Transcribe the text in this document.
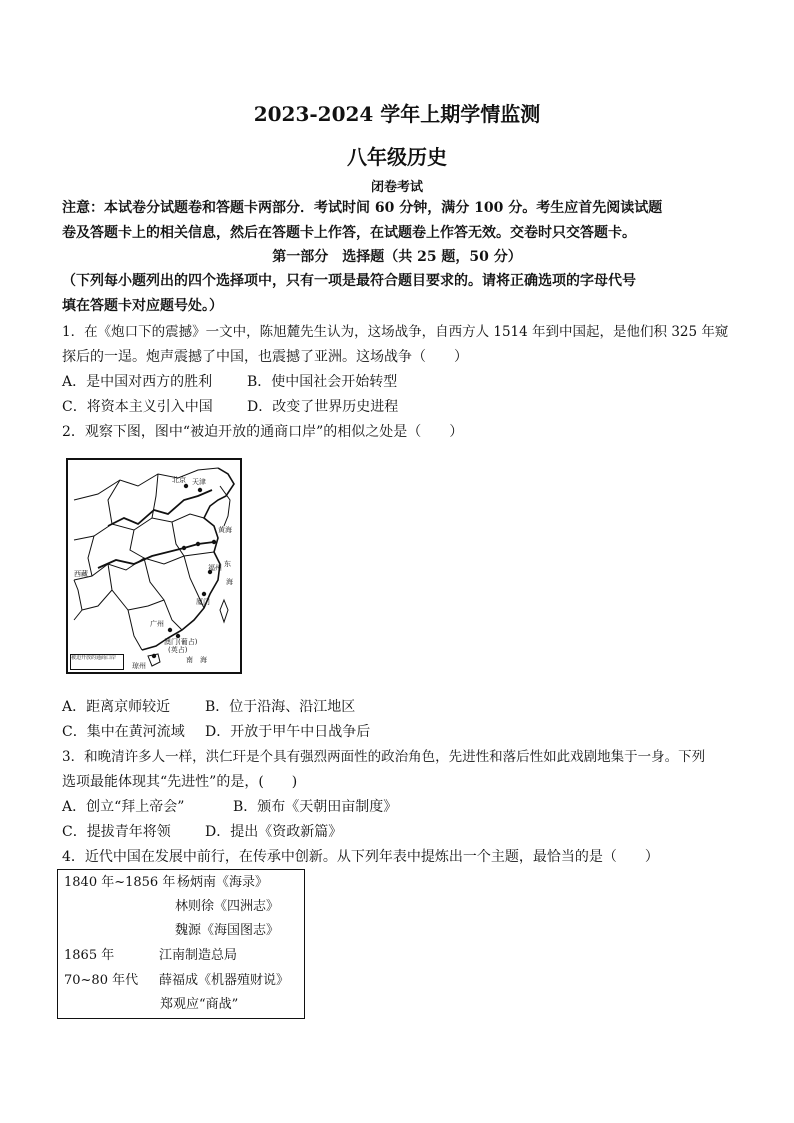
2023-2024 学年上期学情监测
八年级历史
闭卷考试
注意：本试卷分试题卷和答题卡两部分．考试时间 60 分钟，满分 100 分。考生应首先阅读试题
卷及答题卡上的相关信息，然后在答题卡上作答，在试题卷上作答无效。交卷时只交答题卡。
第一部分　选择题（共 25 题，50 分）
（下列每小题列出的四个选择项中，只有一项是最符合题目要求的。请将正确选项的字母代号
填在答题卡对应题号处。）
1．在《炮口下的震撼》一文中，陈旭麓先生认为，这场战争，自西方人 1514 年到中国起，是他们积 325 年窥
探后的一逞。炮声震撼了中国，也震撼了亚洲。这场战争（　　）
A．是中国对西方的胜利 B．使中国社会开始转型
C．将资本主义引入中国 D．改变了世界历史进程
2．观察下图，图中“被迫开放的通商口岸”的相似之处是（　　）
北京 天津
黄海
东
海
西藏
福州
广州
厦门
澳门(葡占)
(英占)
南　海
琼州
被迫开放的通商口岸
A．距离京师较近 B．位于沿海、沿江地区
C．集中在黄河流域 D．开放于甲午中日战争后
3．和晚清许多人一样，洪仁玕是个具有强烈两面性的政治角色，先进性和落后性如此戏剧地集于一身。下列
选项最能体现其“先进性”的是，(　　)
A．创立“拜上帝会”	B．颁布《天朝田亩制度》
C．提拔青年将领 D．提出《资政新篇》
4．近代中国在发展中前行，在传承中创新。从下列年表中提炼出一个主题，最恰当的是（　　）
1840 年~1856 年 杨炳南《海录》
林则徐《四洲志》
魏源《海国图志》
1865 年	江南制造总局
70~80 年代 薛福成《机器殖财说》
郑观应“商战”
